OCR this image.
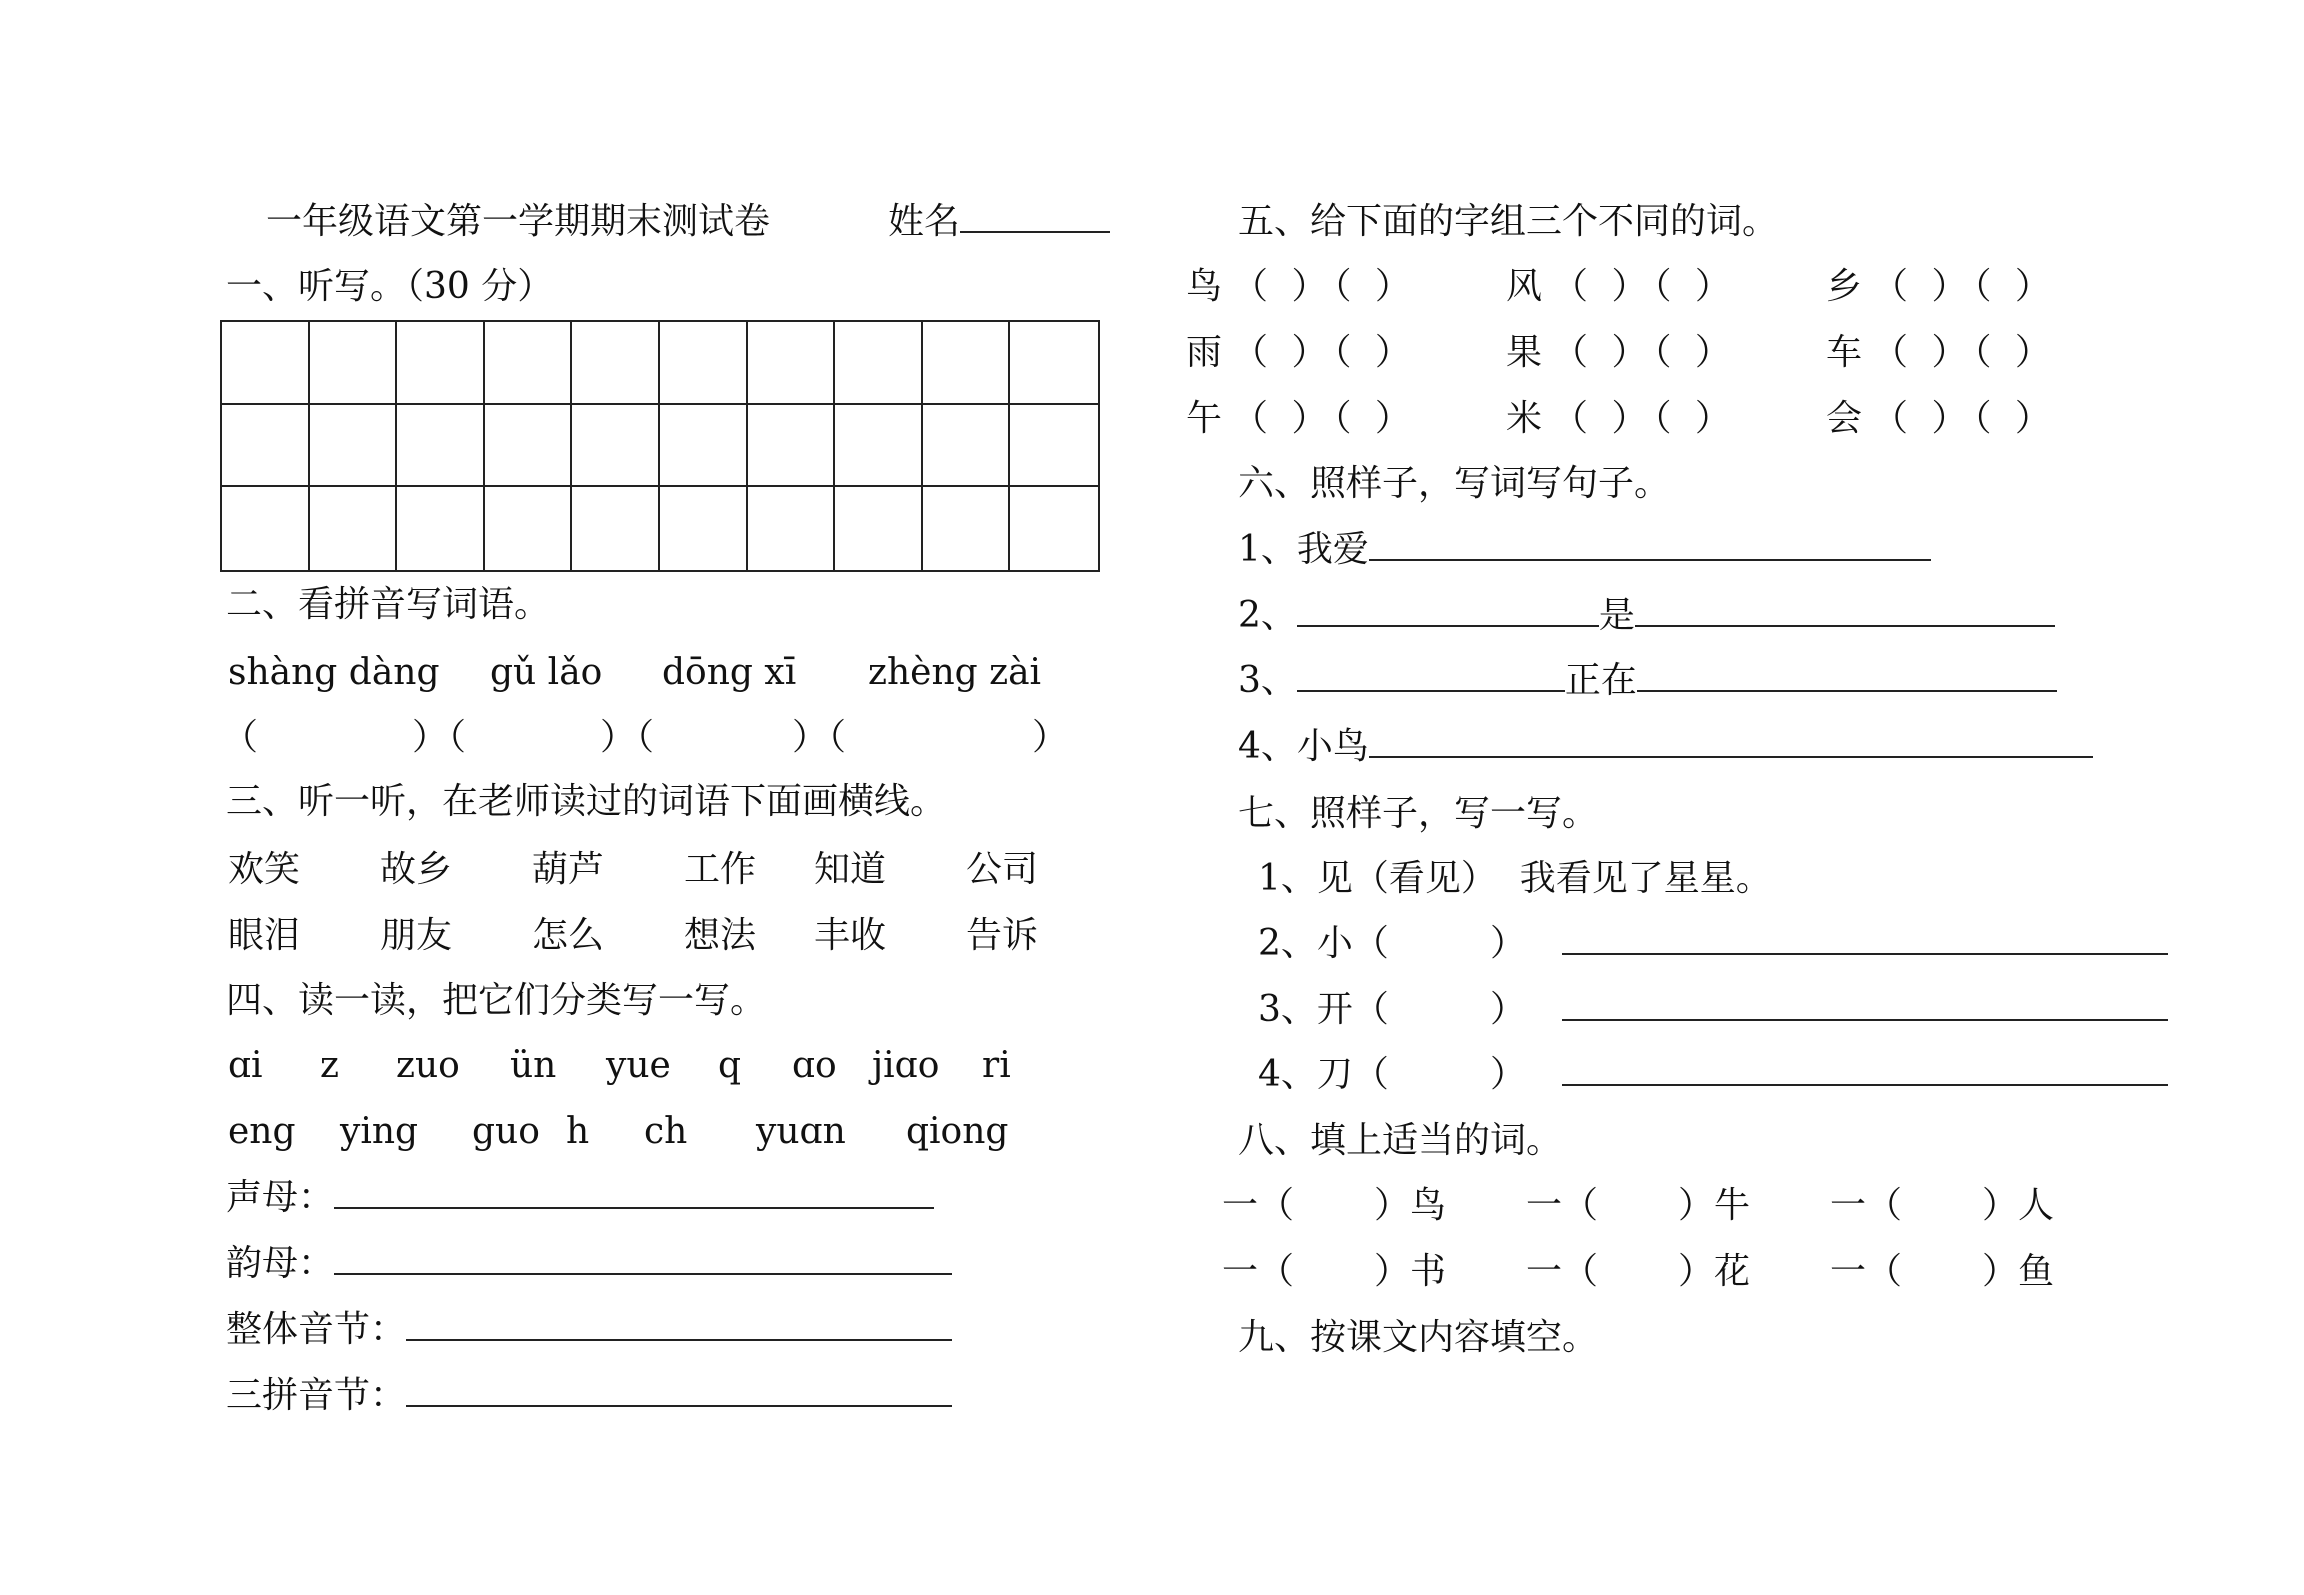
一年级语文第一学期期末测试卷	姓名
一、听写。（30 分）
二、看拼音写词语。
shàng dàng gǔ lǎo dōng xī zhèng zài
（	）（	）（	）（	）
三、听一听，在老师读过的词语下面画横线。
欢笑 故乡 葫芦 工作 知道 公司
眼泪 朋友 怎么 想法 丰收 告诉
四、读一读，把它们分类写一写。
ɑi z zuo ün yue q ɑo jiɑo ri
eng ying guo h ch yuɑn qiong
声母：
韵母：
整体音节：
三拼音节：
五、给下面的字组三个不同的词。
鸟 （ ）（ ） 风 （ ）（ ） 乡 （ ）（ ）
雨 （ ）（ ） 果 （ ）（ ） 车 （ ）（ ）
午 （ ）（ ） 米 （ ）（ ） 会 （ ）（ ）
六、照样子，写词写句子。
1、我爱
2、	是
3、	正在
4、小鸟
七、照样子，写一写。
1、见（看见）  我看见了星星。
2、小（	）
3、开（	）
4、刀（	）
八、填上适当的词。
一（ ）鸟 一（ ）牛 一（ ）人
一（ ）书 一（ ）花 一（ ）鱼
九、按课文内容填空。
